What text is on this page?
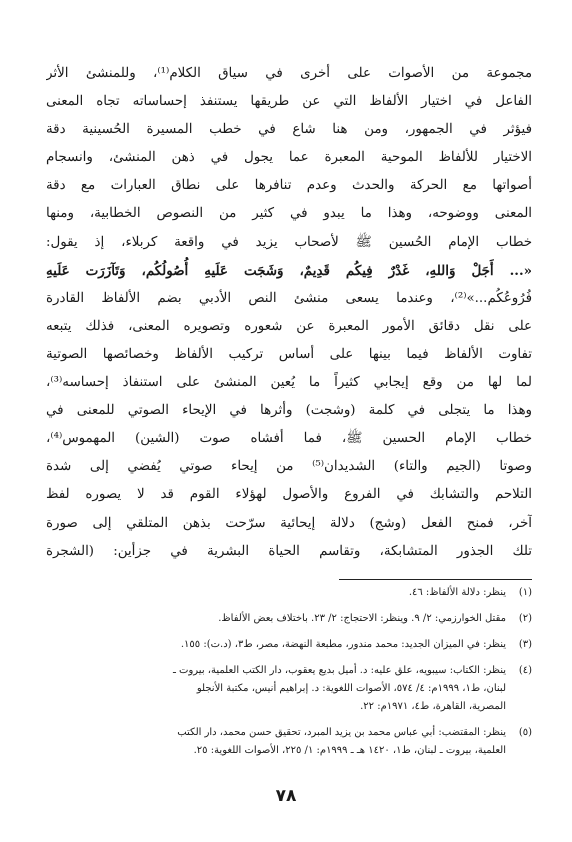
مجموعة من الأصوات على أخرى في سياق الكلام⁽¹⁾، وللمنشئ الأثر
الفاعل في اختيار الألفاظ التي عن طريقها يستنفذ إحساساته تجاه المعنى
فيؤثر في الجمهور، ومن هنا شاع في خطب المسيرة الحُسينية دقة
الاختيار للألفاظ الموحية المعبرة عما يجول في ذهن المنشئ، وانسجام
أصواتها مع الحركة والحدث وعدم تنافرها على نطاق العبارات مع دقة
المعنى ووضوحه، وهذا ما يبدو في كثير من النصوص الخطابية، ومنها
خطاب الإمام الحُسين ﷺ لأصحاب يزيد في واقعة كربلاء، إذ يقول:
«... أَجَلْ وَاللهِ، غَدْرٌ فِيكُم قَدِيمٌ، وَشَجَت عَلَيهِ أُصُولُكُم، وَتَآزَرَت عَلَيهِ
فُرُوعُكُم...»⁽²⁾، وعندما يسعى منشئ النص الأدبي بضم الألفاظ القادرة
على نقل دقائق الأمور المعبرة عن شعوره وتصويره المعنى، فذلك يتبعه
تفاوت الألفاظ فيما بينها على أساس تركيب الألفاظ وخصائصها الصوتية
لما لها من وقع إيجابي كثيراً ما يُعين المنشئ على استنفاذ إحساسه⁽³⁾،
وهذا ما يتجلى في كلمة (وشجت) وأثرها في الإيحاء الصوتي للمعنى في
خطاب الإمام الحسين ﷺ، فما أفشاه صوت (الشين) المهموس⁽⁴⁾،
وصوتا (الجيم والتاء) الشديدان⁽⁵⁾ من إيحاء صوتي يُفضي إلى شدة
التلاحم والتشابك في الفروع والأصول لهؤلاء القوم قد لا يصوره لفظ
آخر، فمنح الفعل (وشج) دلالة إيحائية سرّحت بذهن المتلقي إلى صورة
تلك الجذور المتشابكة، وتقاسم الحياة البشرية في جزأين: (الشجرة
(١)
ينظر: دلالة الألفاظ: ٤٦.
(٢)
مقتل الخوارزمي: ٢/ ٩. وينظر: الاحتجاج: ٢/ ٢٣. باختلاف بعض الألفاظ.
(٣)
ينظر: في الميزان الجديد: محمد مندور، مطبعة النهضة، مصر، ط٣، (د.ت): ١٥٥.
(٤)
ينظر: الكتاب: سيبويه، علق عليه: د. أميل بديع يعقوب، دار الكتب العلمية، بيروت ـ
لبنان، ط١، ١٩٩٩م: ٤/ ٥٧٤، الأصوات اللغوية: د. إبراهيم أنيس، مكتبة الأنجلو
المصرية، القاهرة، ط٤، ١٩٧١م: ٢٢.
(٥)
ينظر: المقتضب: أبي عباس محمد بن يزيد المبرد، تحقيق حسن محمد، دار الكتب
العلمية، بيروت ـ لبنان، ط١، ١٤٢٠ هـ ـ ١٩٩٩م: ١/ ٢٢٥، الأصوات اللغوية: ٢٥.
٧٨
